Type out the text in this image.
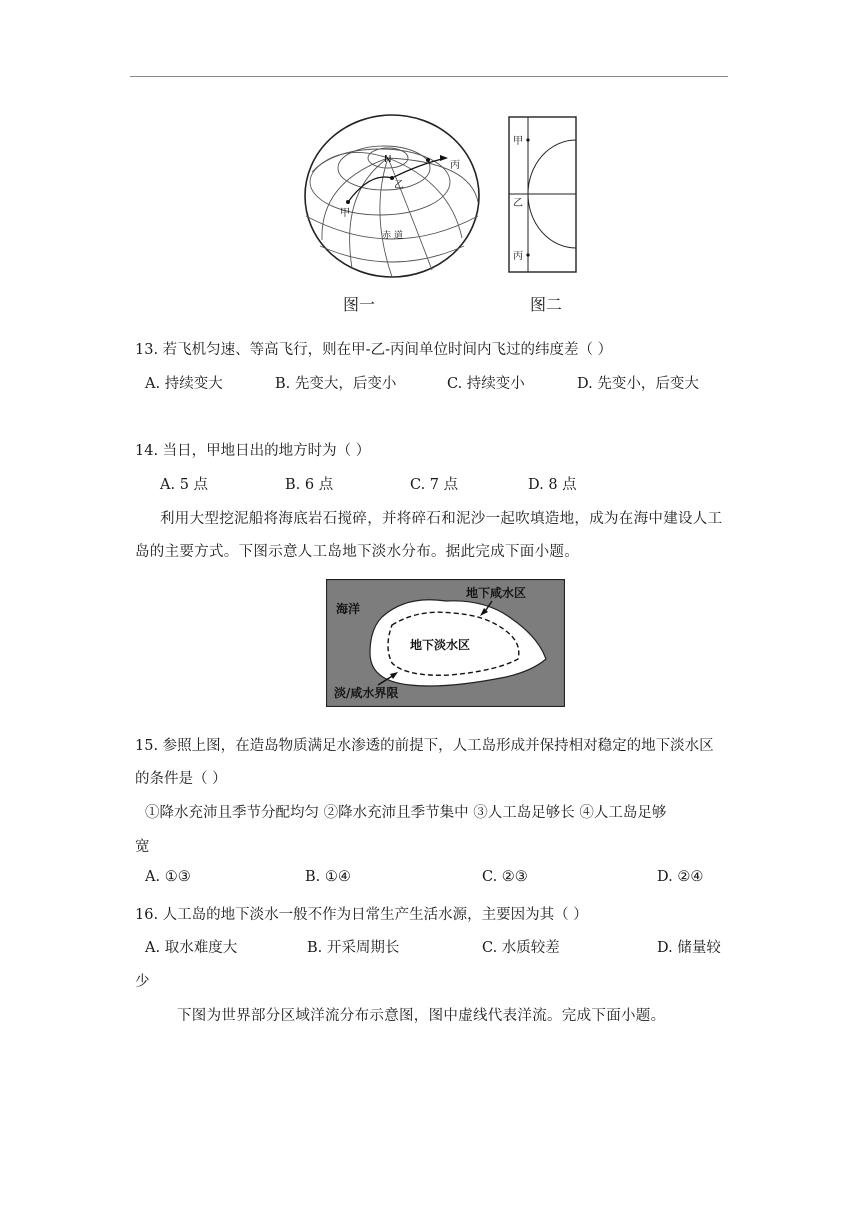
N
甲
乙
丙
赤 道
图一
甲
乙
丙
图二
13. 若飞机匀速、等高飞行，则在甲-乙-丙间单位时间内飞过的纬度差（ ）
A. 持续变大	B. 先变大，后变小	C. 持续变小	D. 先变小，后变大
14. 当日，甲地日出的地方时为（ ）
A. 5 点	B. 6 点	C. 7 点	D. 8 点
利用大型挖泥船将海底岩石搅碎，并将碎石和泥沙一起吹填造地，成为在海中建设人工
岛的主要方式。下图示意人工岛地下淡水分布。据此完成下面小题。
海洋
地下咸水区
地下淡水区
淡/咸水界限
15. 参照上图，在造岛物质满足水渗透的前提下，人工岛形成并保持相对稳定的地下淡水区
的条件是（ ）
①降水充沛且季节分配均匀 ②降水充沛且季节集中 ③人工岛足够长 ④人工岛足够
宽
A. ①③	B. ①④	C. ②③	D. ②④
16. 人工岛的地下淡水一般不作为日常生产生活水源，主要因为其（ ）
A. 取水难度大	B. 开采周期长	C. 水质较差	D. 储量较
少
下图为世界部分区域洋流分布示意图，图中虚线代表洋流。完成下面小题。
